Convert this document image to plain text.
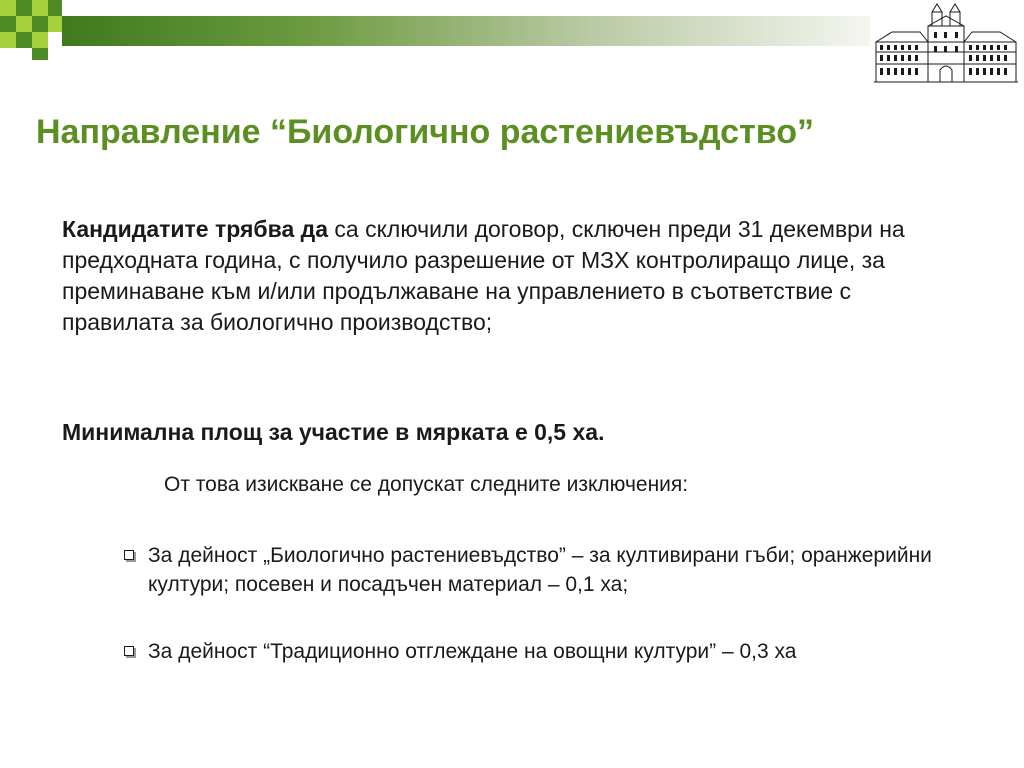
Направление “Биологично растениевъдство”
Кандидатите трябва да са сключили договор, сключен преди 31 декември на предходната година, с получило разрешение от МЗХ контролиращо лице, за преминаване към и/или продължаване на управлението в съответствие с правилата за биологично производство;
Минимална площ за участие в мярката е 0,5 ха.
От това изискване се допускат следните изключения:
За дейност „Биологично растениевъдство” – за култивирани гъби; оранжерийни култури; посевен и посадъчен материал – 0,1 ха;
За дейност “Традиционно отглеждане на овощни култури” – 0,3 ха
